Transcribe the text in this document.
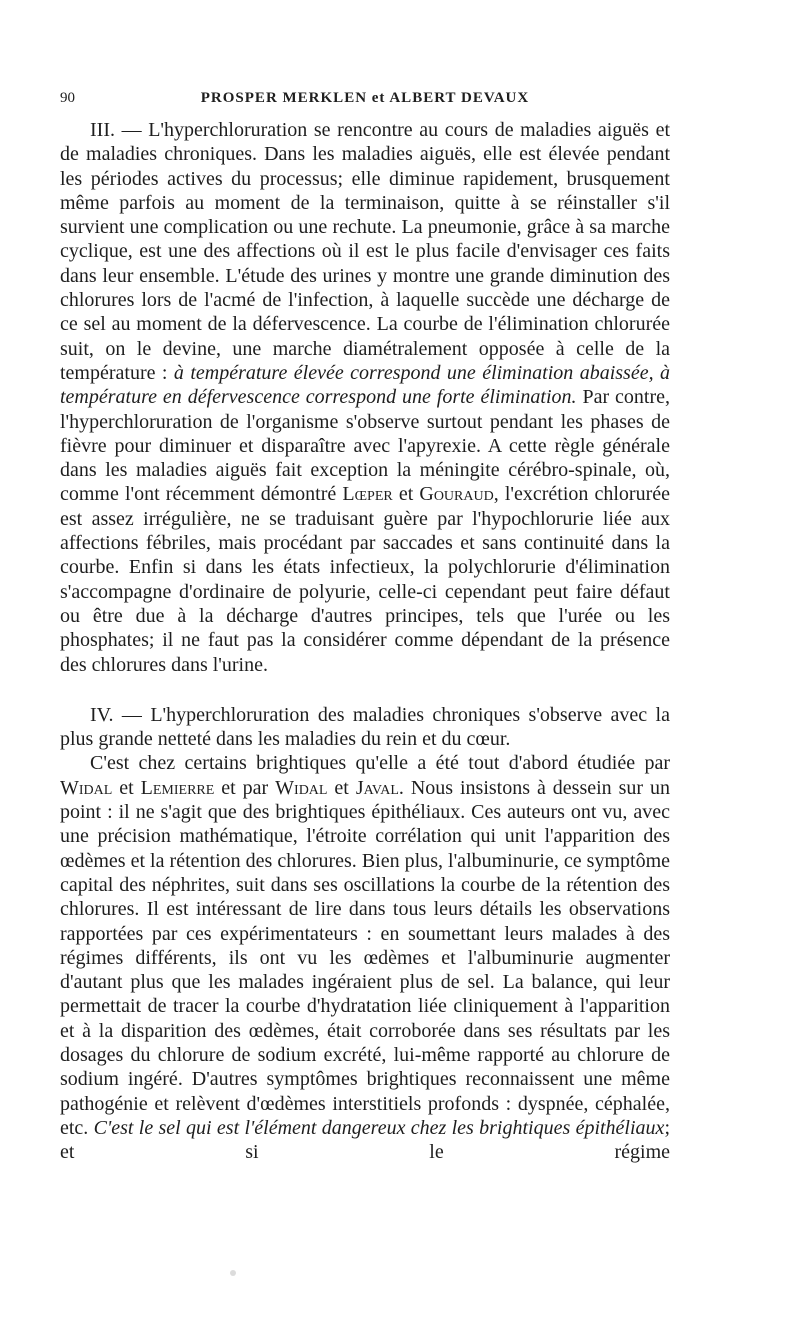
90	PROSPER MERKLEN et ALBERT DEVAUX

III. — L'hyperchloruration se rencontre au cours de maladies aiguës et de maladies chroniques. Dans les maladies aiguës, elle est élevée pendant les périodes actives du processus; elle diminue rapidement, brusquement même parfois au moment de la terminaison, quitte à se réinstaller s'il survient une complication ou une rechute. La pneumonie, grâce à sa marche cyclique, est une des affections où il est le plus facile d'envisager ces faits dans leur ensemble. L'étude des urines y montre une grande diminution des chlorures lors de l'acmé de l'infection, à laquelle succède une décharge de ce sel au moment de la défervescence. La courbe de l'élimination chlorurée suit, on le devine, une marche diamétralement opposée à celle de la température : à température élevée correspond une élimination abaissée, à température en défervescence correspond une forte élimination. Par contre, l'hyperchloruration de l'organisme s'observe surtout pendant les phases de fièvre pour diminuer et disparaître avec l'apyrexie. A cette règle générale dans les maladies aiguës fait exception la méningite cérébro-spinale, où, comme l'ont récemment démontré Lœper et Gouraud, l'excrétion chlorurée est assez irrégulière, ne se traduisant guère par l'hypochlorurie liée aux affections fébriles, mais procédant par saccades et sans continuité dans la courbe. Enfin si dans les états infectieux, la polychlorurie d'élimination s'accompagne d'ordinaire de polyurie, celle-ci cependant peut faire défaut ou être due à la décharge d'autres principes, tels que l'urée ou les phosphates; il ne faut pas la considérer comme dépendant de la présence des chlorures dans l'urine.

IV. — L'hyperchloruration des maladies chroniques s'observe avec la plus grande netteté dans les maladies du rein et du cœur.

C'est chez certains brightiques qu'elle a été tout d'abord étudiée par Widal et Lemierre et par Widal et Javal. Nous insistons à dessein sur un point : il ne s'agit que des brightiques épithéliaux. Ces auteurs ont vu, avec une précision mathématique, l'étroite corrélation qui unit l'apparition des œdèmes et la rétention des chlorures. Bien plus, l'albuminurie, ce symptôme capital des néphrites, suit dans ses oscillations la courbe de la rétention des chlorures. Il est intéressant de lire dans tous leurs détails les observations rapportées par ces expérimentateurs : en soumettant leurs malades à des régimes différents, ils ont vu les œdèmes et l'albuminurie augmenter d'autant plus que les malades ingéraient plus de sel. La balance, qui leur permettait de tracer la courbe d'hydratation liée cliniquement à l'apparition et à la disparition des œdèmes, était corroborée dans ses résultats par les dosages du chlorure de sodium excrété, lui-même rapporté au chlorure de sodium ingéré. D'autres symptômes brightiques reconnaissent une même pathogénie et relèvent d'œdèmes interstitiels profonds : dyspnée, céphalée, etc. C'est le sel qui est l'élément dangereux chez les brightiques épithéliaux; et si le régime
